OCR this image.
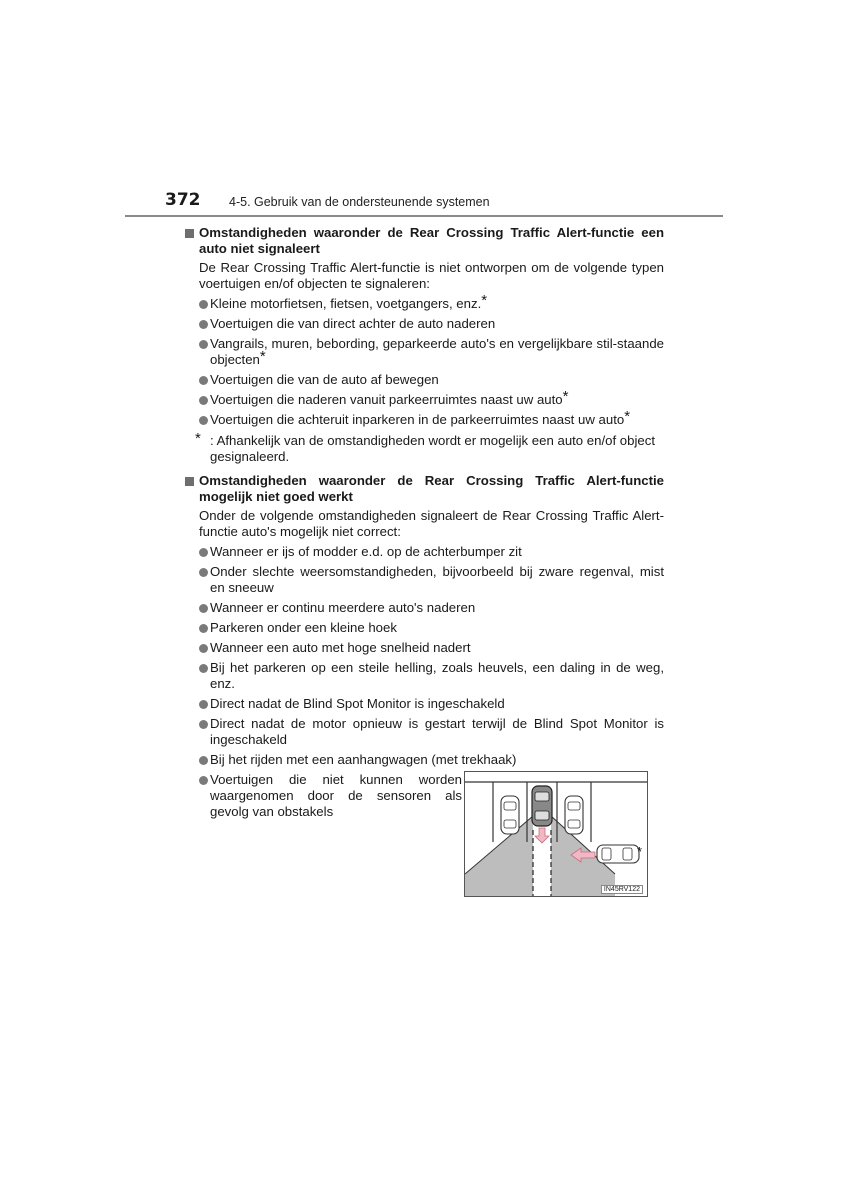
372 4-5. Gebruik van de ondersteunende systemen
Omstandigheden waaronder de Rear Crossing Traffic Alert-functie een auto niet signaleert
De Rear Crossing Traffic Alert-functie is niet ontworpen om de volgende typen voertuigen en/of objecten te signaleren:
Kleine motorfietsen, fietsen, voetgangers, enz.*
Voertuigen die van direct achter de auto naderen
Vangrails, muren, bebording, geparkeerde auto's en vergelijkbare stil-staande objecten*
Voertuigen die van de auto af bewegen
Voertuigen die naderen vanuit parkeerruimtes naast uw auto*
Voertuigen die achteruit inparkeren in de parkeerruimtes naast uw auto*
* : Afhankelijk van de omstandigheden wordt er mogelijk een auto en/of object gesignaleerd.
Omstandigheden waaronder de Rear Crossing Traffic Alert-functie mogelijk niet goed werkt
Onder de volgende omstandigheden signaleert de Rear Crossing Traffic Alert-functie auto's mogelijk niet correct:
Wanneer er ijs of modder e.d. op de achterbumper zit
Onder slechte weersomstandigheden, bijvoorbeeld bij zware regenval, mist en sneeuw
Wanneer er continu meerdere auto's naderen
Parkeren onder een kleine hoek
Wanneer een auto met hoge snelheid nadert
Bij het parkeren op een steile helling, zoals heuvels, een daling in de weg, enz.
Direct nadat de Blind Spot Monitor is ingeschakeld
Direct nadat de motor opnieuw is gestart terwijl de Blind Spot Monitor is ingeschakeld
Bij het rijden met een aanhangwagen (met trekhaak)
Voertuigen die niet kunnen worden waargenomen door de sensoren als gevolg van obstakels
*
IN45RV122
